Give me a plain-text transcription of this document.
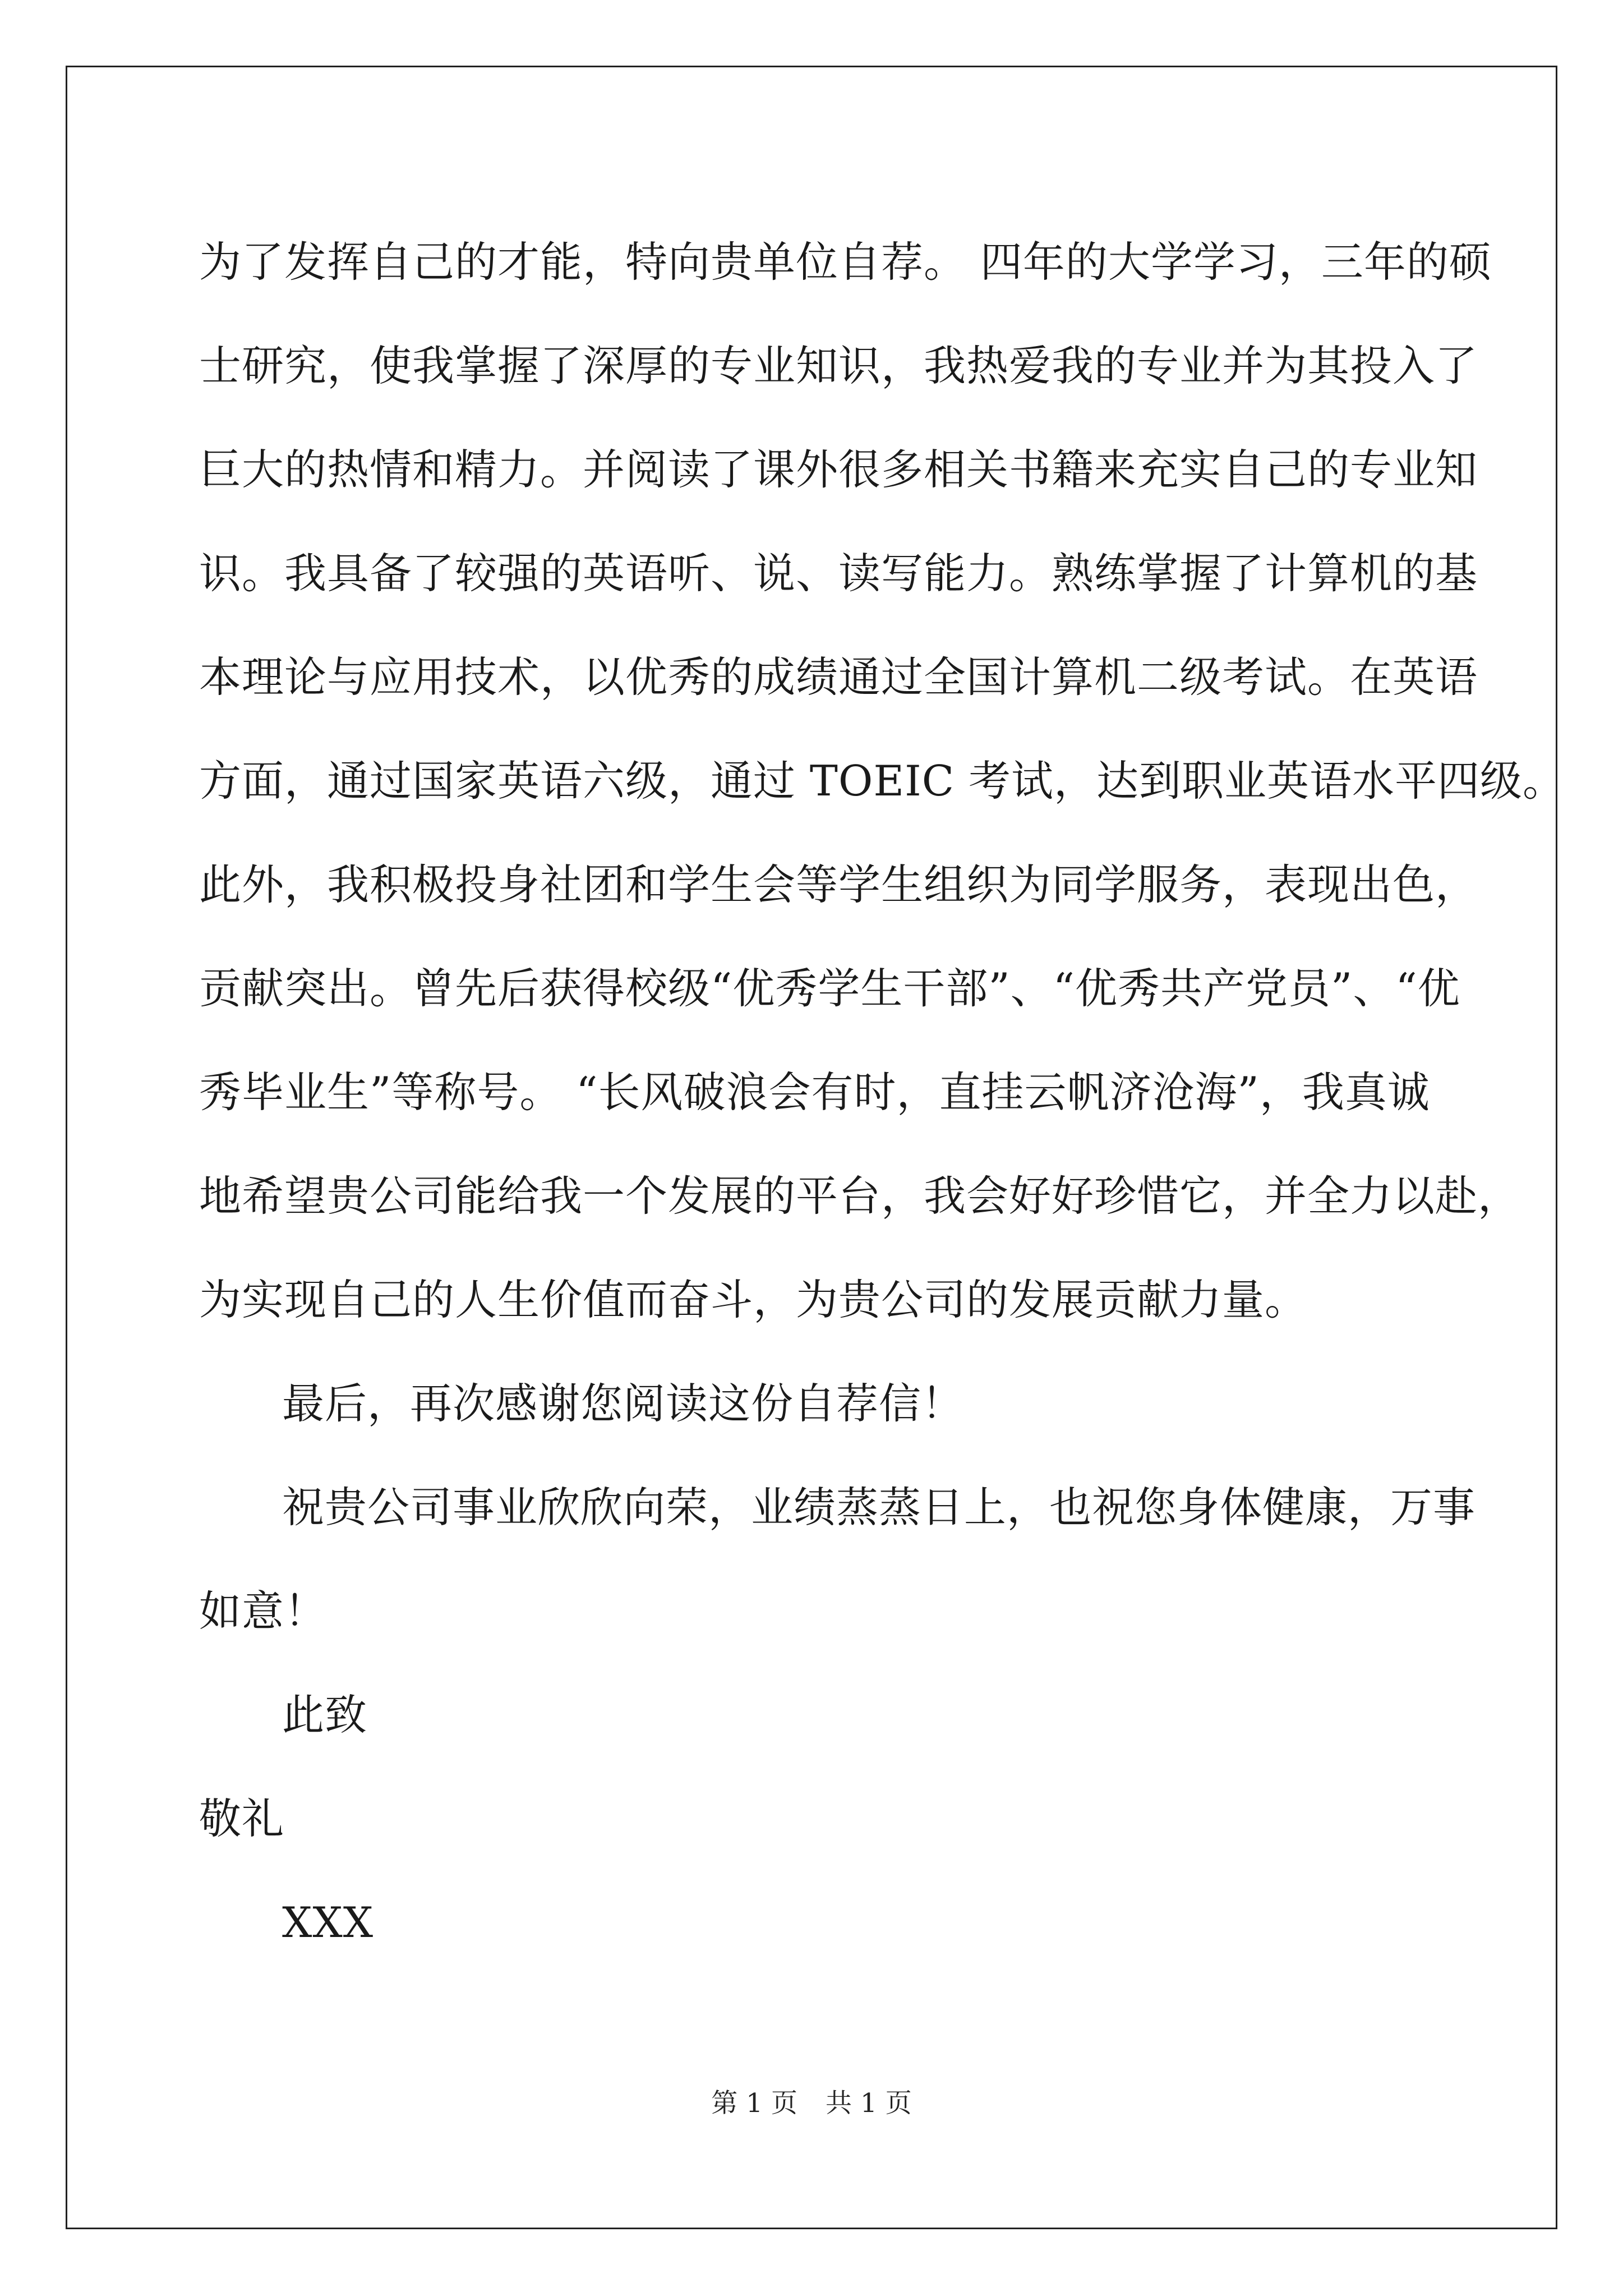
为了发挥自己的才能，特向贵单位自荐。 四年的大学学习，三年的硕
士研究，使我掌握了深厚的专业知识，我热爱我的专业并为其投入了
巨大的热情和精力。并阅读了课外很多相关书籍来充实自己的专业知
识。我具备了较强的英语听、说、读写能力。熟练掌握了计算机的基
本理论与应用技术，以优秀的成绩通过全国计算机二级考试。在英语
方面，通过国家英语六级，通过 TOEIC 考试，达到职业英语水平四级。
此外，我积极投身社团和学生会等学生组织为同学服务，表现出色，
贡献突出。曾先后获得校级“优秀学生干部”、“优秀共产党员”、“优
秀毕业生”等称号。 “长风破浪会有时，直挂云帆济沧海”，我真诚
地希望贵公司能给我一个发展的平台，我会好好珍惜它，并全力以赴，
为实现自己的人生价值而奋斗，为贵公司的发展贡献力量。
最后，再次感谢您阅读这份自荐信！
祝贵公司事业欣欣向荣，业绩蒸蒸日上，也祝您身体健康，万事
如意！
此致
敬礼
XXX
第 1 页 共 1 页
